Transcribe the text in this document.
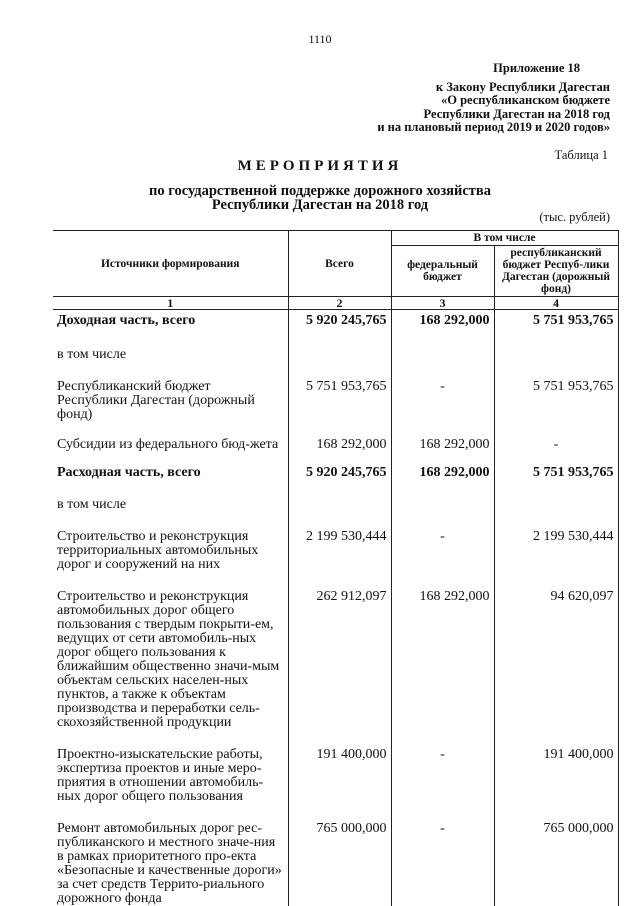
1110
Приложение 18
к Закону Республики Дагестан
«О республиканском бюджете
Республики Дагестан на 2018 год
и на плановый период 2019 и 2020 годов»
Таблица 1
МЕРОПРИЯТИЯ
по государственной поддержке дорожного хозяйства
Республики Дагестан на 2018 год
(тыс. рублей)
Источники формирования	Всего	В том числе	
		федеральный бюджет	республиканский бюджет Респуб-лики Дагестан (дорожный фонд)
1	2	3	4
Доходная часть, всего	5 920 245,765	168 292,000	5 751 953,765
в том числе			
Республиканский бюджет Республики Дагестан (дорожный фонд)	5 751 953,765	-	5 751 953,765
Субсидии из федерального бюд-жета	168 292,000	168 292,000	-
Расходная часть, всего	5 920 245,765	168 292,000	5 751 953,765
в том числе			
Строительство и реконструкция территориальных автомобильных дорог и сооружений на них	2 199 530,444	-	2 199 530,444
Строительство и реконструкция автомобильных дорог общего пользования с твердым покрыти-ем, ведущих от сети автомобиль-ных дорог общего пользования к ближайшим общественно значи-мым объектам сельских населен-ных пунктов, а также к объектам производства и переработки сель-скохозяйственной продукции	262 912,097	168 292,000	94 620,097
Проектно-изыскательские работы, экспертиза проектов и иные меро-приятия в отношении автомобиль-ных дорог общего пользования	191 400,000	-	191 400,000
Ремонт автомобильных дорог рес-публиканского и местного значе-ния в рамках приоритетного про-екта «Безопасные и качественные дороги» за счет средств Террито-риального дорожного фонда	765 000,000	-	765 000,000
